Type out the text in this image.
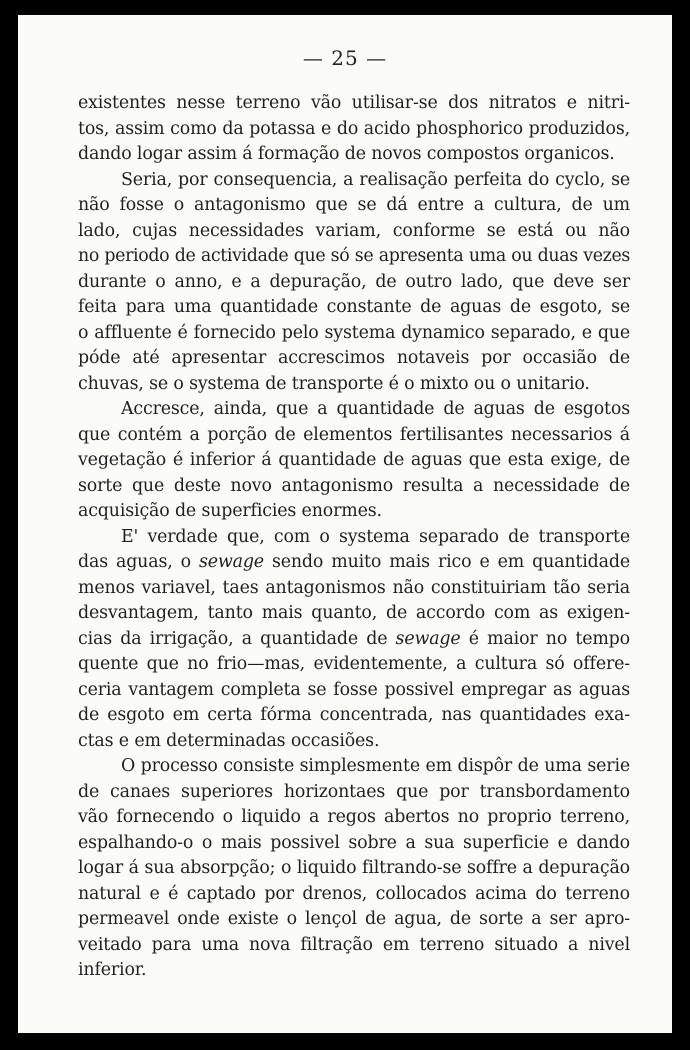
— 25 —
existentes nesse terreno vão utilisar-se dos nitratos e nitri-
tos, assim como da potassa e do acido phosphorico produzidos,
dando logar assim á formação de novos compostos organicos.
Seria, por consequencia, a realisação perfeita do cyclo, se
não fosse o antagonismo que se dá entre a cultura, de um
lado, cujas necessidades variam, conforme se está ou não
no periodo de actividade que só se apresenta uma ou duas vezes
durante o anno, e a depuração, de outro lado, que deve ser
feita para uma quantidade constante de aguas de esgoto, se
o affluente é fornecido pelo systema dynamico separado, e que
póde até apresentar accrescimos notaveis por occasião de
chuvas, se o systema de transporte é o mixto ou o unitario.
Accresce, ainda, que a quantidade de aguas de esgotos
que contém a porção de elementos fertilisantes necessarios á
vegetação é inferior á quantidade de aguas que esta exige, de
sorte que deste novo antagonismo resulta a necessidade de
acquisição de superficies enormes.
E' verdade que, com o systema separado de transporte
das aguas, o sewage sendo muito mais rico e em quantidade
menos variavel, taes antagonismos não constituiriam tão seria
desvantagem, tanto mais quanto, de accordo com as exigen-
cias da irrigação, a quantidade de sewage é maior no tempo
quente que no frio—mas, evidentemente, a cultura só offere-
ceria vantagem completa se fosse possivel empregar as aguas
de esgoto em certa fórma concentrada, nas quantidades exa-
ctas e em determinadas occasiões.
O processo consiste simplesmente em dispôr de uma serie
de canaes superiores horizontaes que por transbordamento
vão fornecendo o liquido a regos abertos no proprio terreno,
espalhando-o o mais possivel sobre a sua superficie e dando
logar á sua absorpção; o liquido filtrando-se soffre a depuração
natural e é captado por drenos, collocados acima do terreno
permeavel onde existe o lençol de agua, de sorte a ser apro-
veitado para uma nova filtração em terreno situado a nivel
inferior.
